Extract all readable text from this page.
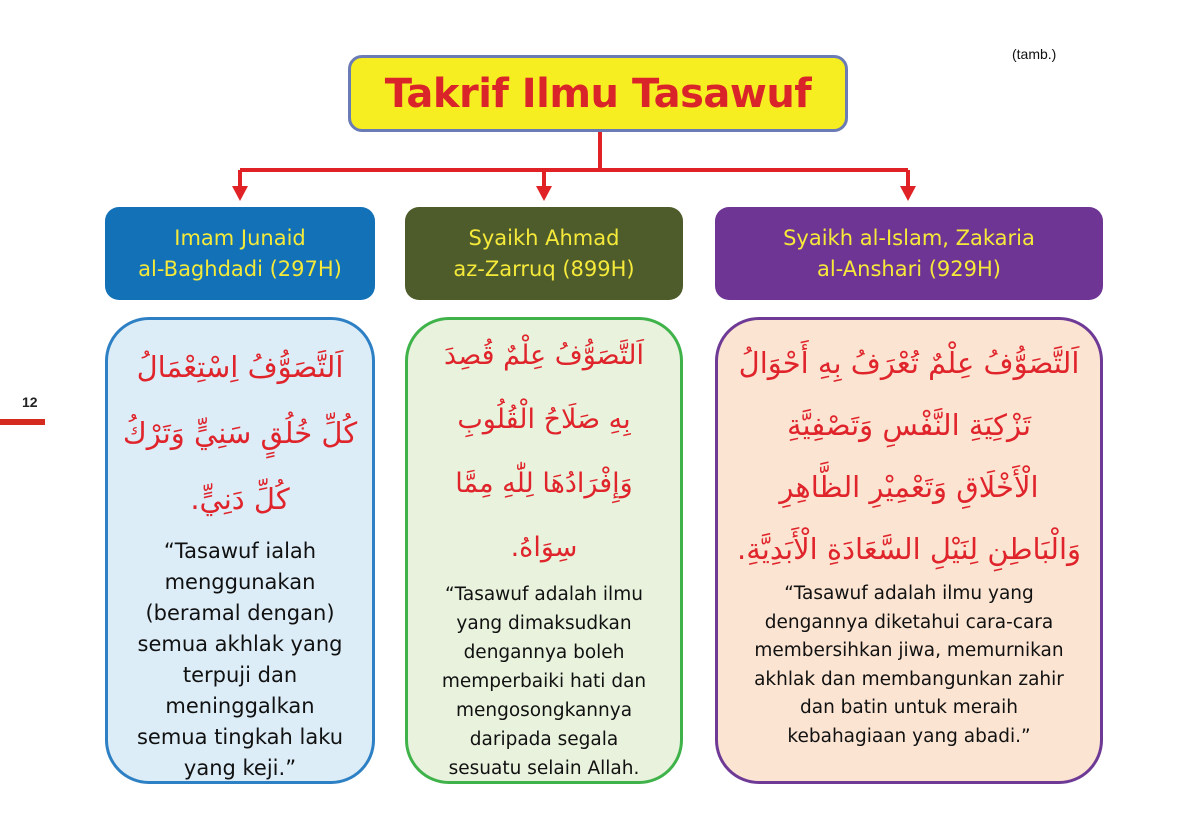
(tamb.)
12
Takrif Ilmu Tasawuf
Imam Junaid
al-Baghdadi (297H)
اَلتَّصَوُّفُ اِسْتِعْمَالُ
كُلِّ خُلُقٍ سَنِيٍّ وَتَرْكُ
كُلِّ دَنِيٍّ.
“Tasawuf ialah
menggunakan
(beramal dengan)
semua akhlak yang
terpuji dan
meninggalkan
semua tingkah laku
yang keji.”
Syaikh Ahmad
az-Zarruq (899H)
اَلتَّصَوُّفُ عِلْمٌ قُصِدَ
بِهِ صَلَاحُ الْقُلُوبِ
وَإِفْرَادُهَا لِلّٰهِ مِمَّا
سِوَاهُ.
“Tasawuf adalah ilmu
yang dimaksudkan
dengannya boleh
memperbaiki hati dan
mengosongkannya
daripada segala
sesuatu selain Allah.
Syaikh al-Islam, Zakaria
al-Anshari (929H)
اَلتَّصَوُّفُ عِلْمٌ تُعْرَفُ بِهِ أَحْوَالُ
تَزْكِيَةِ النَّفْسِ وَتَصْفِيَّةِ
الْأَخْلَاقِ وَتَعْمِيْرِ الظَّاهِرِ
وَالْبَاطِنِ لِنَيْلِ السَّعَادَةِ الْأَبَدِيَّةِ.
“Tasawuf adalah ilmu yang
dengannya diketahui cara-cara
membersihkan jiwa, memurnikan
akhlak dan membangunkan zahir
dan batin untuk meraih
kebahagiaan yang abadi.”
